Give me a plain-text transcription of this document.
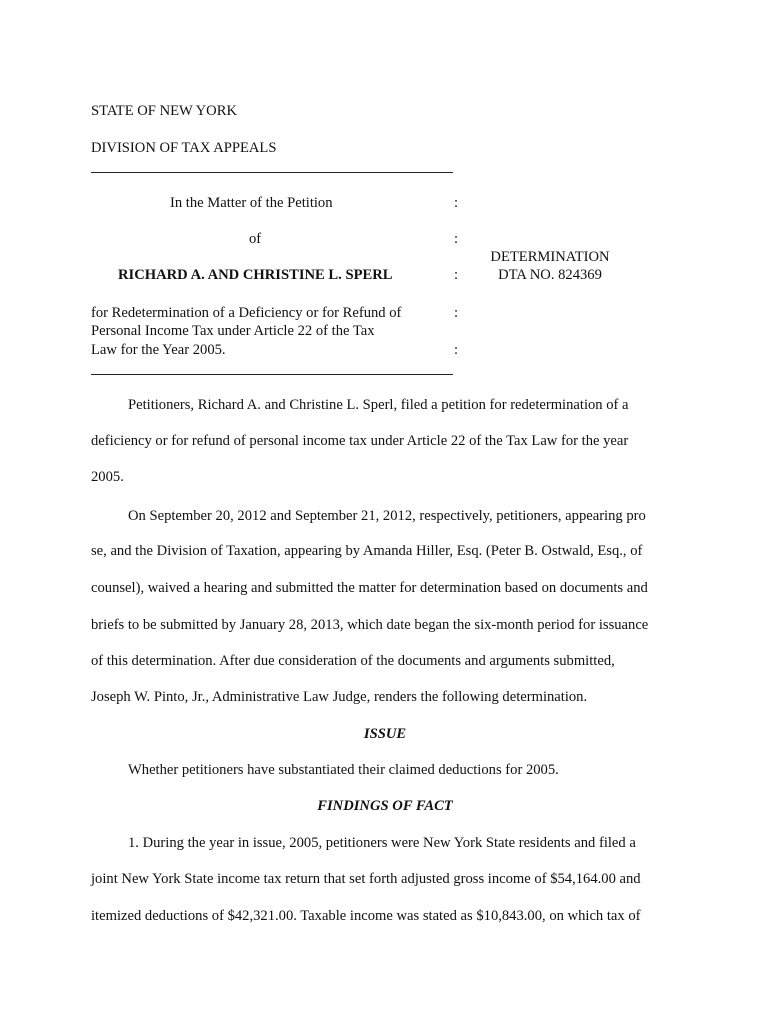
STATE OF NEW YORK
DIVISION OF TAX APPEALS
In the Matter of the Petition	:
of	:
RICHARD A. AND CHRISTINE L. SPERL	:
DETERMINATION
DTA NO. 824369
for Redetermination of a Deficiency or for Refund of	:
Personal Income Tax under Article 22 of the Tax
Law for the Year 2005.	:
Petitioners, Richard A. and Christine L. Sperl, filed a petition for redetermination of a
deficiency or for refund of personal income tax under Article 22 of the Tax Law for the year
2005.
On September 20, 2012 and September 21, 2012, respectively, petitioners, appearing pro
se, and the Division of Taxation, appearing by Amanda Hiller, Esq. (Peter B. Ostwald, Esq., of
counsel), waived a hearing and submitted the matter for determination based on documents and
briefs to be submitted by January 28, 2013, which date began the six-month period for issuance
of this determination. After due consideration of the documents and arguments submitted,
Joseph W. Pinto, Jr., Administrative Law Judge, renders the following determination.
ISSUE
Whether petitioners have substantiated their claimed deductions for 2005.
FINDINGS OF FACT
1. During the year in issue, 2005, petitioners were New York State residents and filed a
joint New York State income tax return that set forth adjusted gross income of $54,164.00 and
itemized deductions of $42,321.00. Taxable income was stated as $10,843.00, on which tax of
